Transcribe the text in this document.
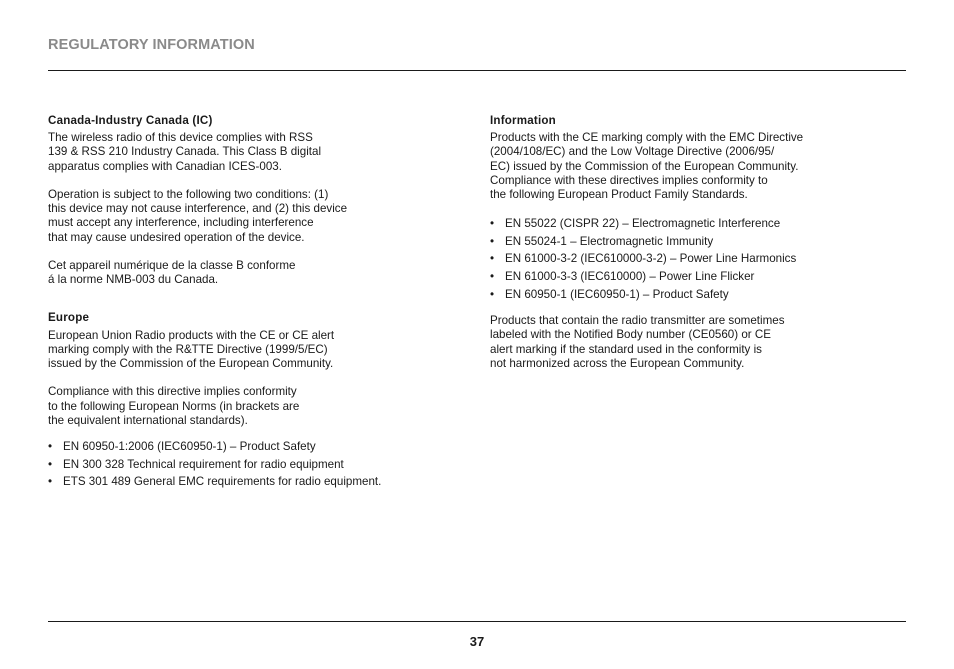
REGULATORY INFORMATION
Canada-Industry Canada (IC)

The wireless radio of this device complies with RSS
139 & RSS 210 Industry Canada. This Class B digital
apparatus complies with Canadian ICES-003.

Operation is subject to the following two conditions: (1)
this device may not cause interference, and (2) this device
must accept any interference, including interference
that may cause undesired operation of the device.

Cet appareil numérique de la classe B conforme
á la norme NMB-003 du Canada.

Europe

European Union Radio products with the CE or CE alert
marking comply with the R&TTE Directive (1999/5/EC)
issued by the Commission of the European Community.

Compliance with this directive implies conformity
to the following European Norms (in brackets are
the equivalent international standards).

• EN 60950-1:2006 (IEC60950-1) – Product Safety
• EN 300 328 Technical requirement for radio equipment
• ETS 301 489 General EMC requirements for radio equipment.
Information

Products with the CE marking comply with the EMC Directive
(2004/108/EC) and the Low Voltage Directive (2006/95/
EC) issued by the Commission of the European Community.
Compliance with these directives implies conformity to
the following European Product Family Standards.

• EN 55022 (CISPR 22) – Electromagnetic Interference
• EN 55024-1 – Electromagnetic Immunity
• EN 61000-3-2 (IEC610000-3-2) – Power Line Harmonics
• EN 61000-3-3 (IEC610000) – Power Line Flicker
• EN 60950-1 (IEC60950-1) – Product Safety

Products that contain the radio transmitter are sometimes
labeled with the Notified Body number (CE0560) or CE
alert marking if the standard used in the conformity is
not harmonized across the European Community.

37
